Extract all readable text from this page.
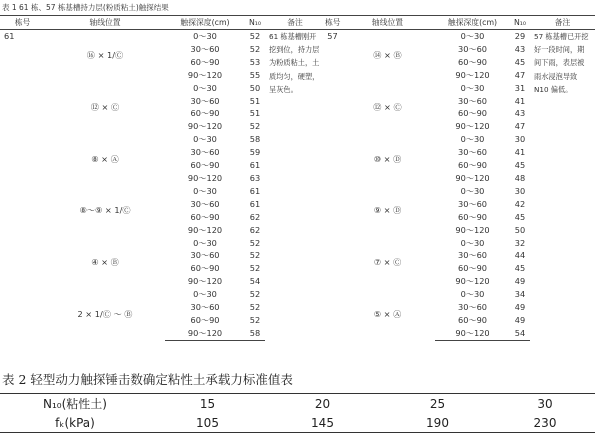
表 1 61 栋、57 栋基槽持力层(粉质粘土)触探结果
栋号	轴线位置	触探深度(cm)	N₁₀	备注	栋号	轴线位置	触探深度(cm)	N₁₀	备注
61	⑯ × 1/Ⓒ	0～30	52	61 栋基槽刚开挖到位，持力层为粉质粘土，土质均匀，硬塑，呈灰色。	57	⑭ × Ⓑ	0～30	29	57 栋基槽已开挖好一段时间，期间下雨，表层被雨水浸泡导致 N10 偏低。
		30～60	52				30～60	43	
		60～90	53				60～90	45	
		90～120	55				90～120	47	
	⑫ × Ⓒ	0～30	50			⑫ × Ⓒ	0～30	31	
		30～60	51				30～60	41	
		60～90	51				60～90	43	
		90～120	52				90～120	47	
	⑧ × Ⓐ	0～30	58			⑩ × Ⓓ	0～30	30	
		30～60	59				30～60	41	
		60～90	61				60～90	45	
		90～120	63				90～120	48	
	⑧～⑨ × 1/Ⓒ	0～30	61			⑨ × Ⓓ	0～30	30	
		30～60	61				30～60	42	
		60～90	62				60～90	45	
		90～120	62				90～120	50	
	④ × Ⓑ	0～30	52			⑦ × Ⓒ	0～30	32	
		30～60	52				30～60	44	
		60～90	52				60～90	45	
		90～120	54				90～120	49	
	2 × 1/Ⓒ ～ Ⓑ	0～30	52			⑤ × Ⓐ	0～30	34	
		30～60	52				30～60	49	
		60～90	52				60～90	49	
		90～120	58				90～120	54	
表 2 轻型动力触探锤击数确定粘性土承载力标准值表
N₁₀(粘性土)	15	20	25	30
fₖ(kPa)	105	145	190	230
